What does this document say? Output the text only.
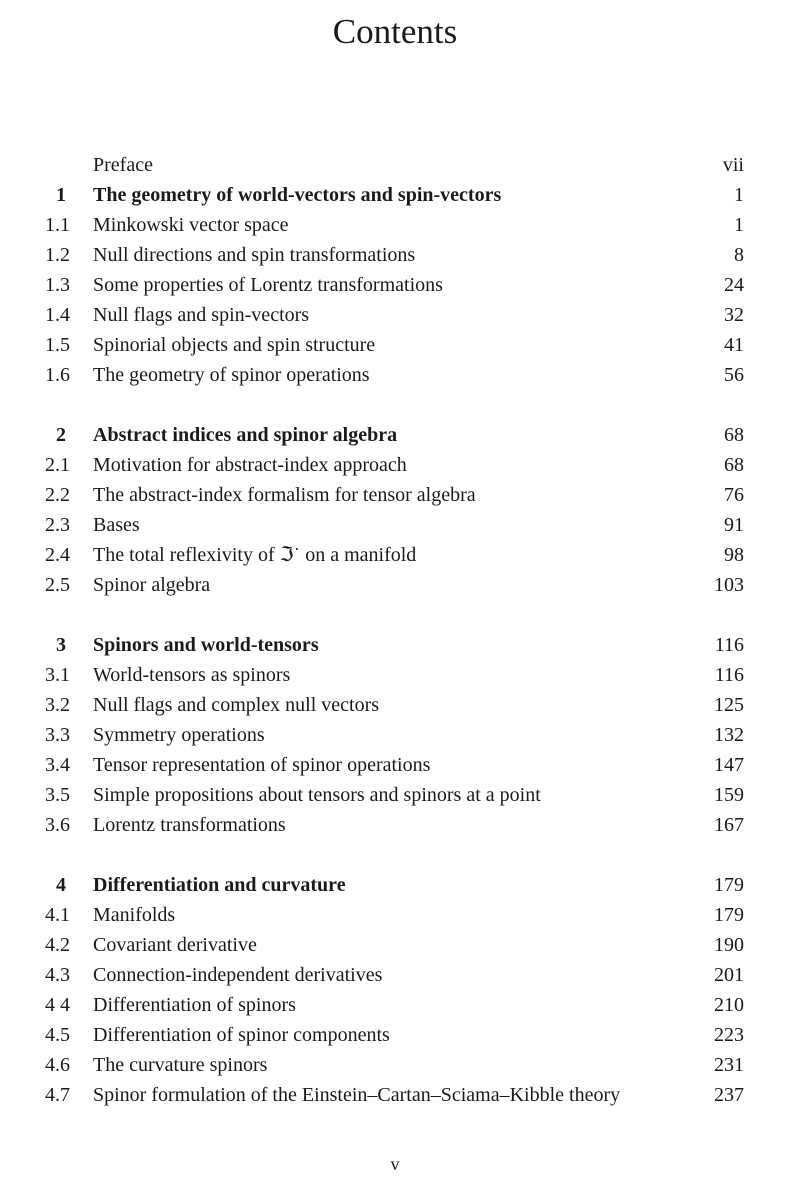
Contents
Preface	vii
1 The geometry of world-vectors and spin-vectors	1
1.1 Minkowski vector space	1
1.2 Null directions and spin transformations	8
1.3 Some properties of Lorentz transformations	24
1.4 Null flags and spin-vectors	32
1.5 Spinorial objects and spin structure	41
1.6 The geometry of spinor operations	56
2 Abstract indices and spinor algebra	68
2.1 Motivation for abstract-index approach	68
2.2 The abstract-index formalism for tensor algebra	76
2.3 Bases	91
2.4 The total reflexivity of ℑ˙ on a manifold	98
2.5 Spinor algebra	103
3 Spinors and world-tensors	116
3.1 World-tensors as spinors	116
3.2 Null flags and complex null vectors	125
3.3 Symmetry operations	132
3.4 Tensor representation of spinor operations	147
3.5 Simple propositions about tensors and spinors at a point	159
3.6 Lorentz transformations	167
4 Differentiation and curvature	179
4.1 Manifolds	179
4.2 Covariant derivative	190
4.3 Connection-independent derivatives	201
4 4 Differentiation of spinors	210
4.5 Differentiation of spinor components	223
4.6 The curvature spinors	231
4.7 Spinor formulation of the Einstein–Cartan–Sciama–Kibble theory	237
v
